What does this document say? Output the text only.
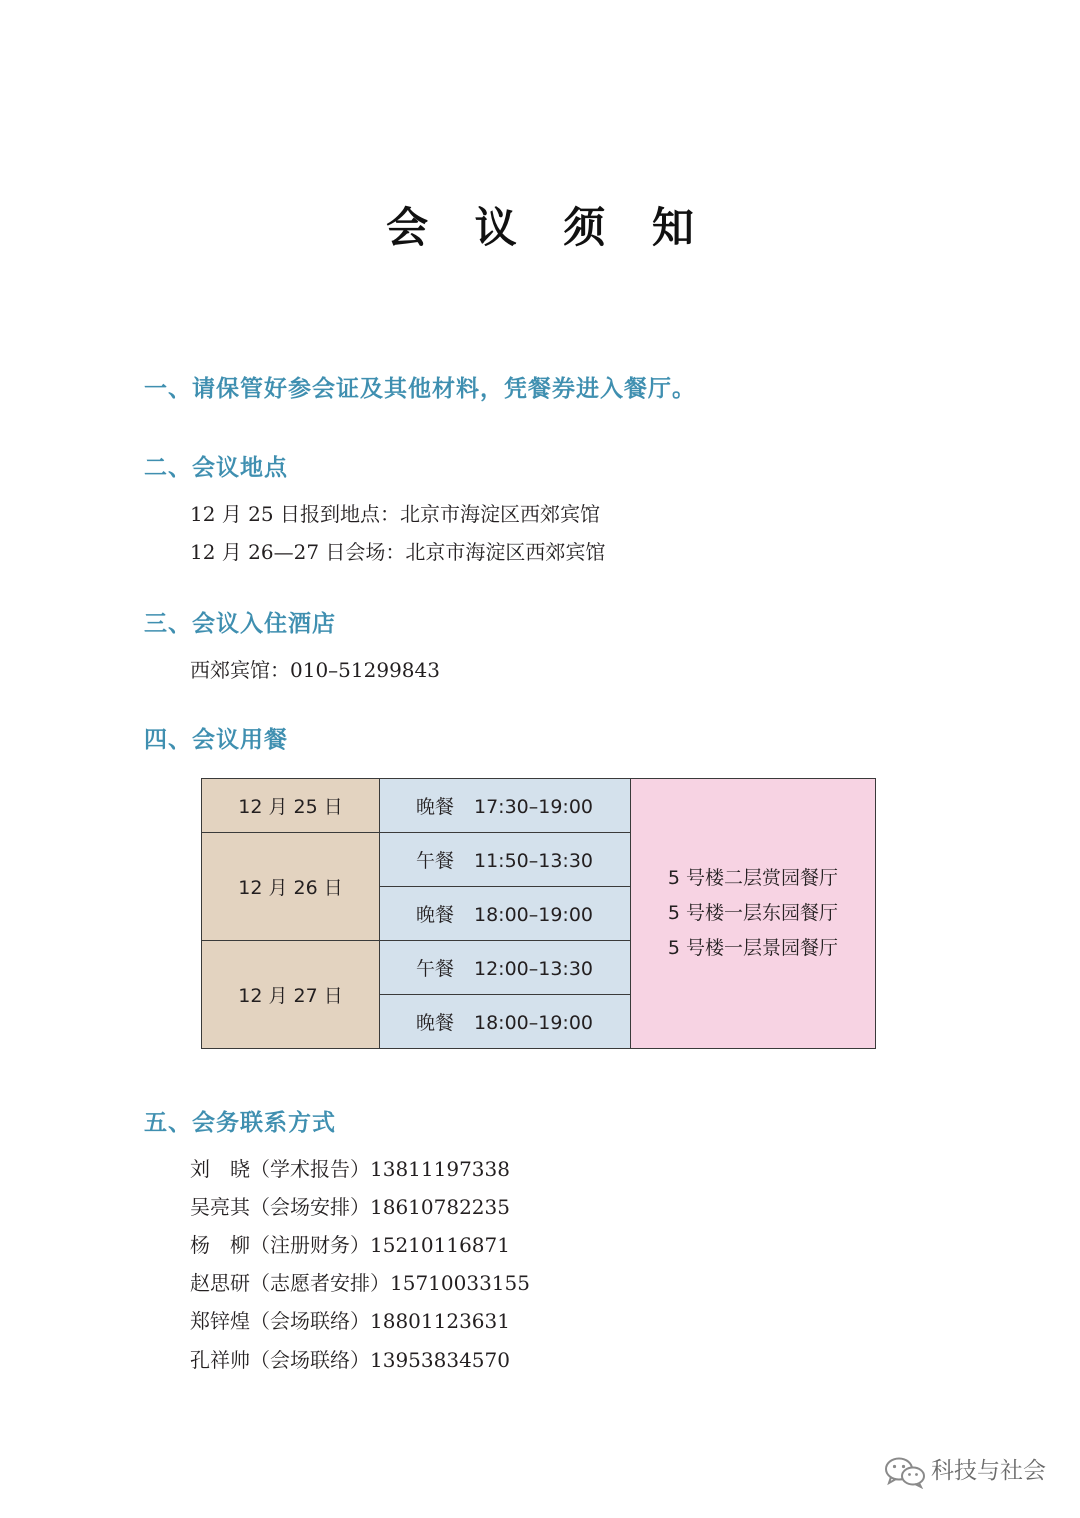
会 议 须 知
一、请保管好参会证及其他材料，凭餐券进入餐厅。
二、会议地点
12 月 25 日报到地点：北京市海淀区西郊宾馆
12 月 26—27 日会场：北京市海淀区西郊宾馆
三、会议入住酒店
西郊宾馆：010–51299843
四、会议用餐
12 月 25 日	晚餐 17:30–19:00	5 号楼二层赏园餐厅
5 号楼一层东园餐厅
5 号楼一层景园餐厅

12 月 26 日	午餐 11:50–13:30	
	晚餐 18:00–19:00	
12 月 27 日	午餐 12:00–13:30	
	晚餐 18:00–19:00	
五、会务联系方式
刘　晓（学术报告）13811197338
吴亮其（会场安排）18610782235
杨　柳（注册财务）15210116871
赵思研（志愿者安排）15710033155
郑锌煌（会场联络）18801123631
孔祥帅（会场联络）13953834570
科技与社会
